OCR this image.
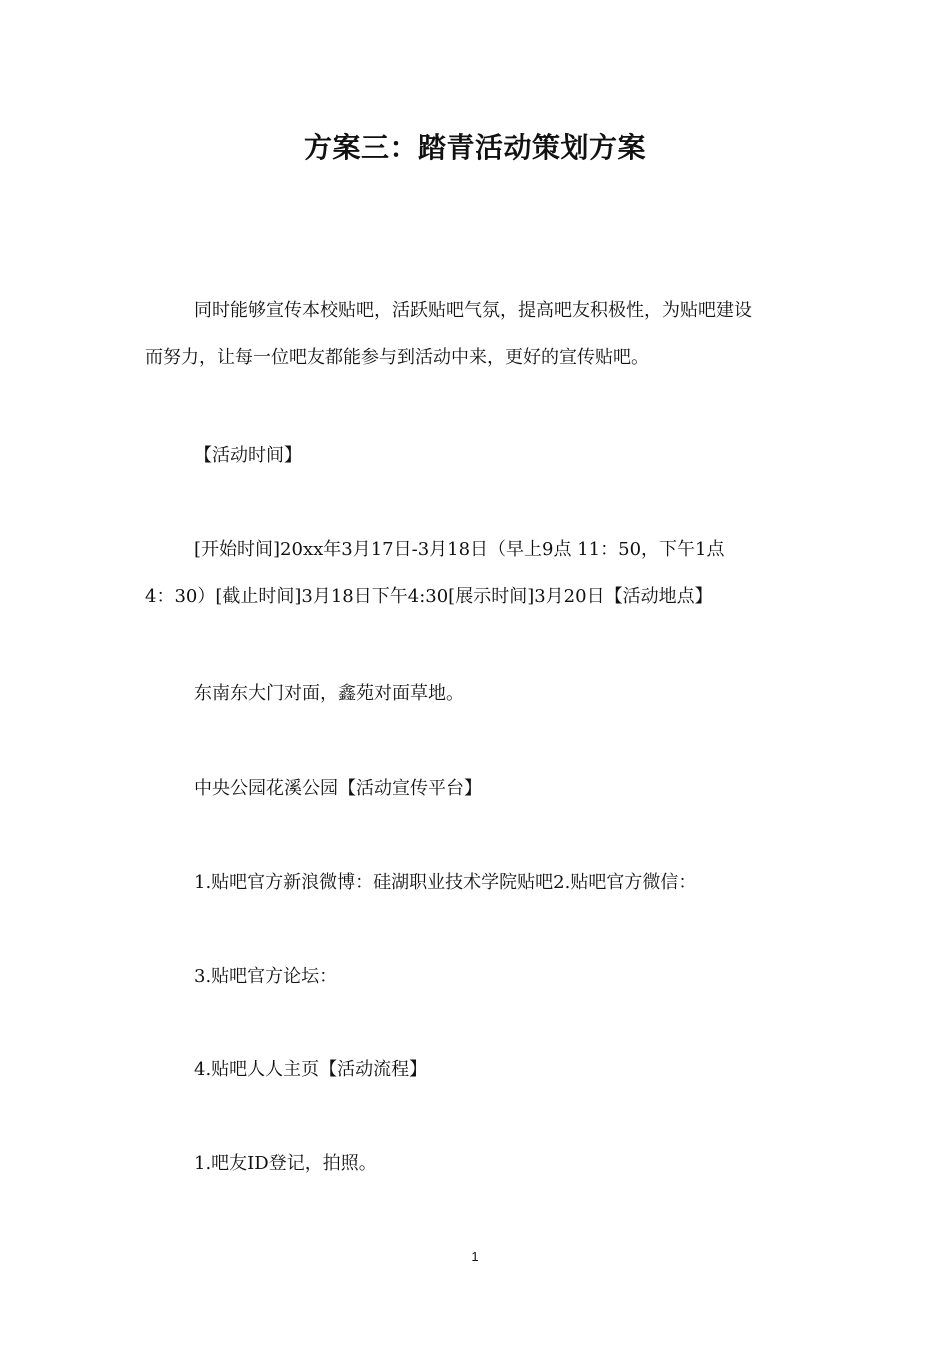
方案三：踏青活动策划方案
同时能够宣传本校贴吧，活跃贴吧气氛，提高吧友积极性，为贴吧建设
而努力，让每一位吧友都能参与到活动中来，更好的宣传贴吧。
【活动时间】
[开始时间]20xx年3月17日-3月18日（早上9点 11：50，下午1点
4：30）[截止时间]3月18日下午4:30[展示时间]3月20日【活动地点】
东南东大门对面，鑫苑对面草地。
中央公园花溪公园【活动宣传平台】
1.贴吧官方新浪微博：硅湖职业技术学院贴吧2.贴吧官方微信：
3.贴吧官方论坛：
4.贴吧人人主页【活动流程】
1.吧友ID登记，拍照。
1
